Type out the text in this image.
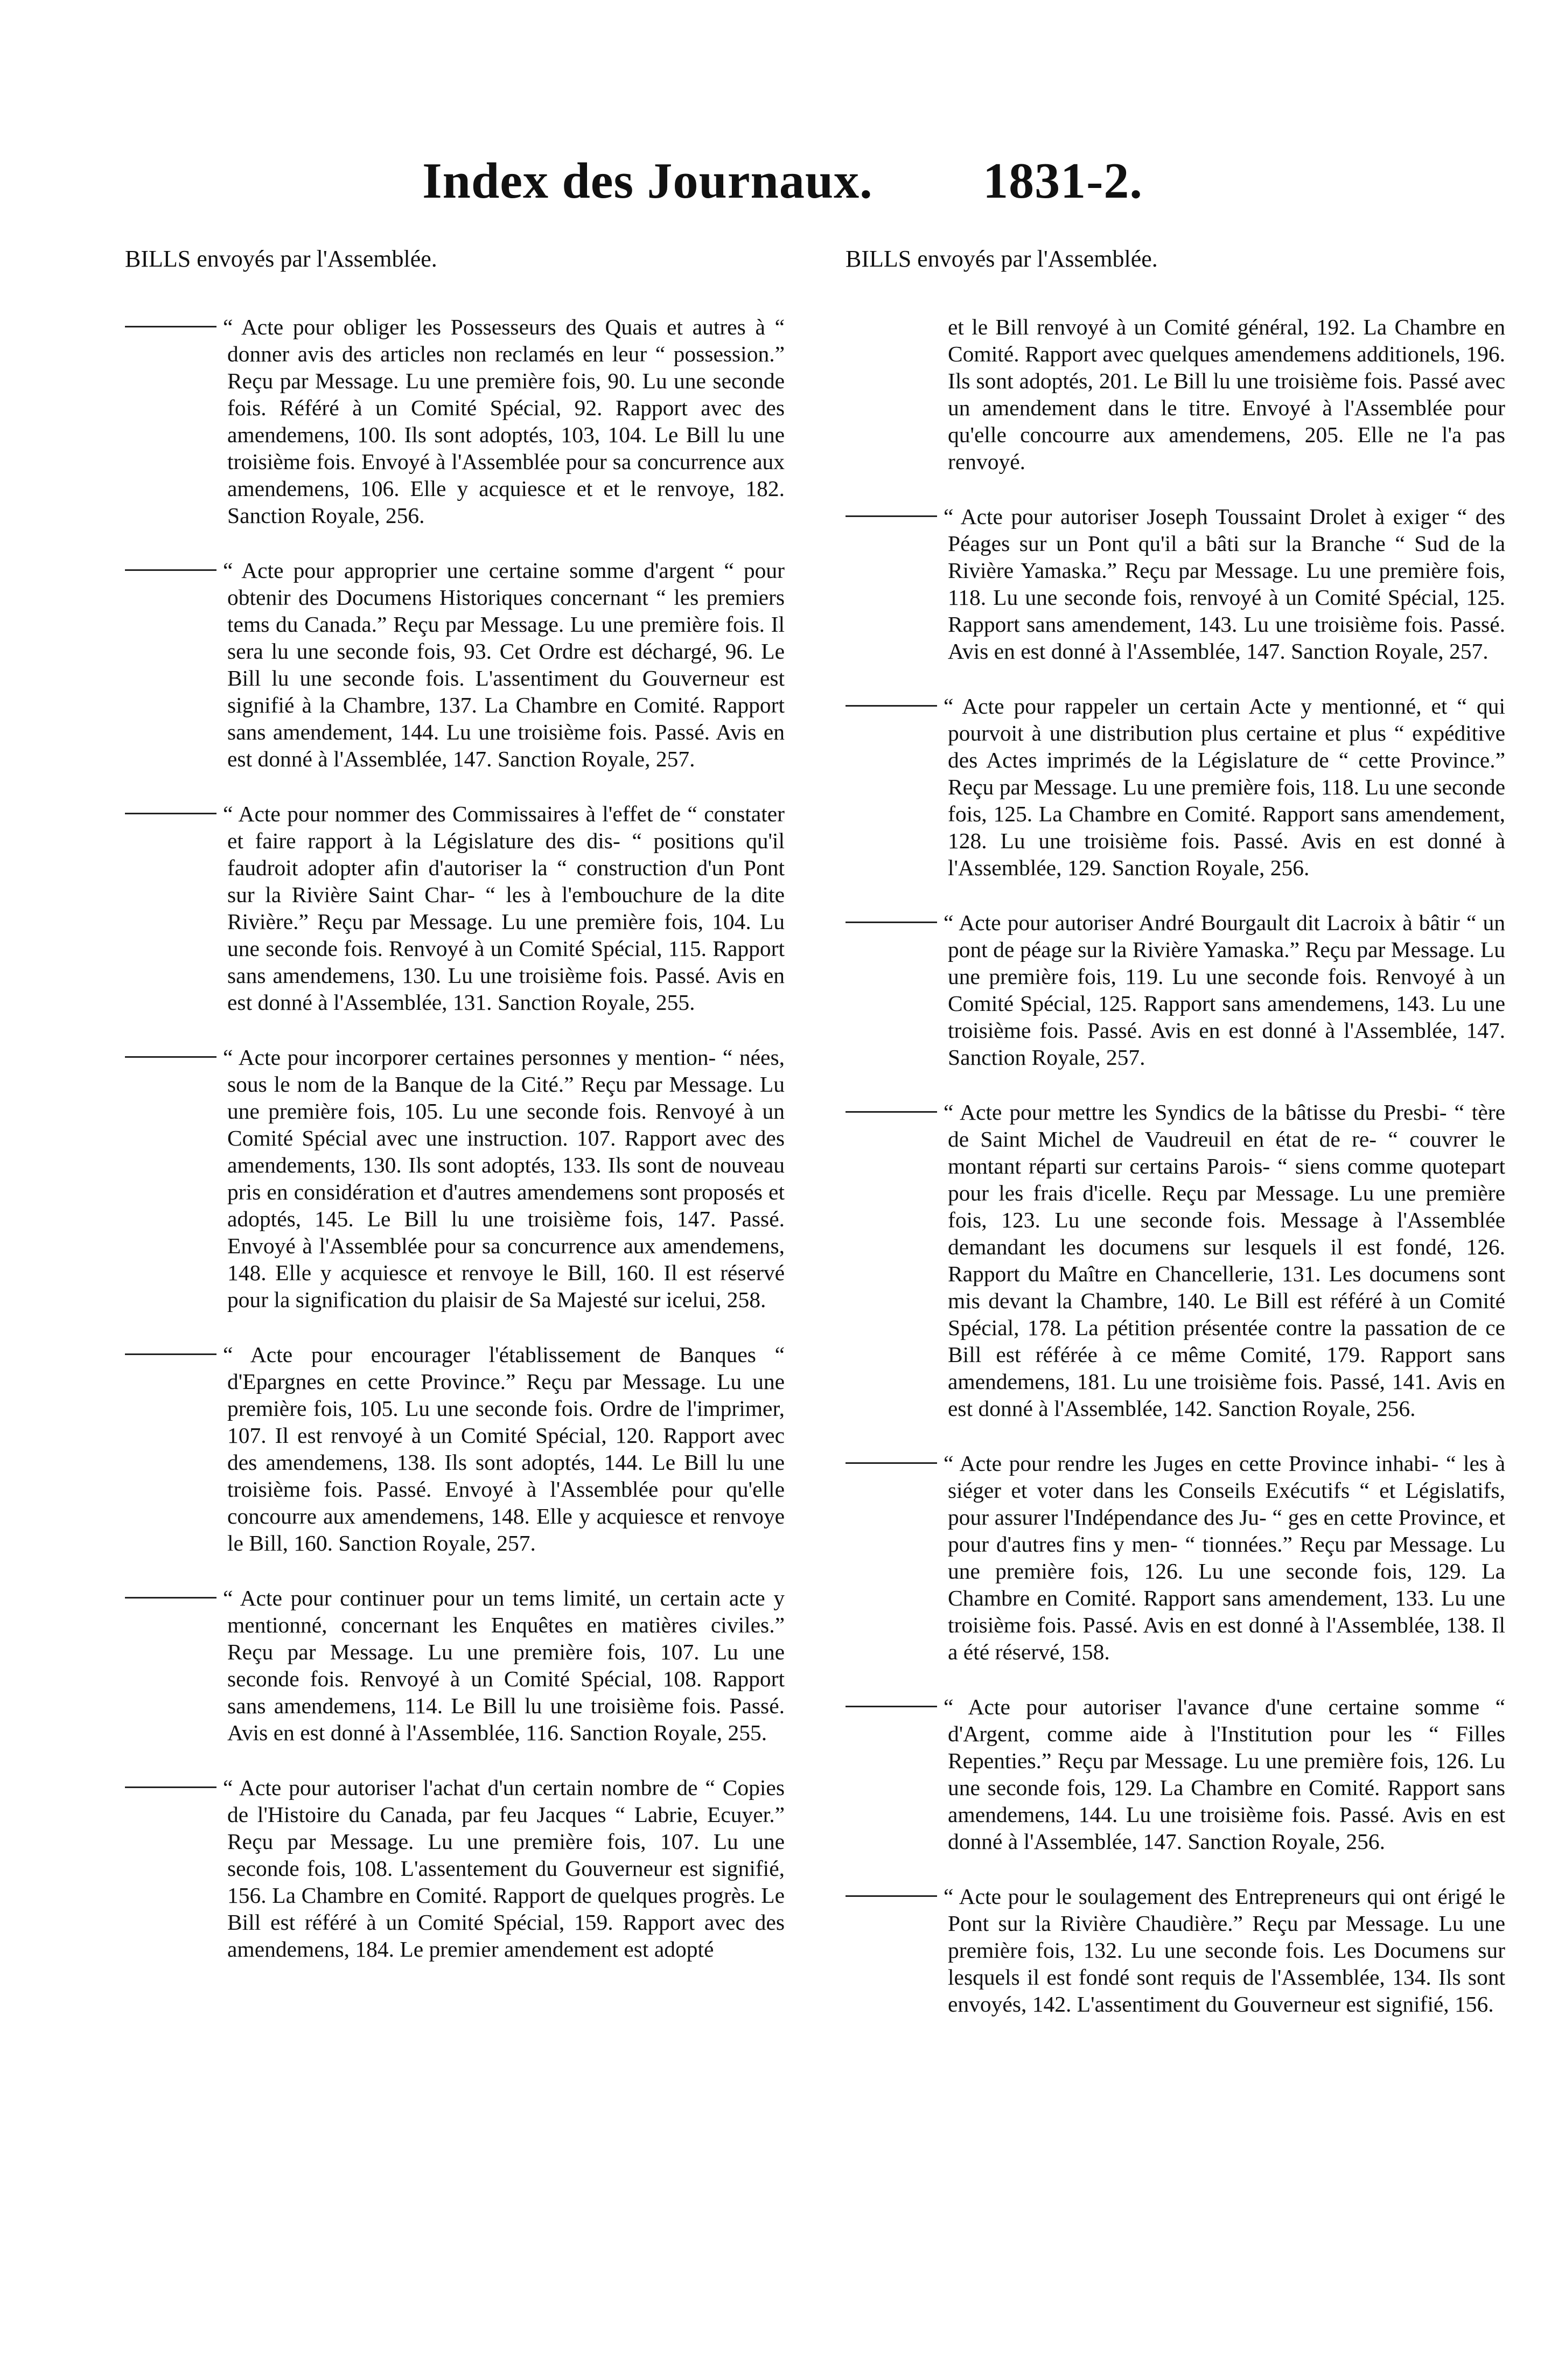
Index des Journaux. 1831-2.
BILLS envoyés par l'Assemblée.	BILLS envoyés par l'Assemblée.

“ Acte pour obliger les Possesseurs des Quais et autres à “ donner avis des articles non reclamés en leur “ possession.” Reçu par Message. Lu une première fois, 90. Lu une seconde fois. Référé à un Comité Spécial, 92. Rapport avec des amendemens, 100. Ils sont adoptés, 103, 104. Le Bill lu une troisième fois. Envoyé à l'Assemblée pour sa concurrence aux amendemens, 106. Elle y acquiesce et et le renvoye, 182. Sanction Royale, 256.

“ Acte pour approprier une certaine somme d'argent “ pour obtenir des Documens Historiques concernant “ les premiers tems du Canada.” Reçu par Message. Lu une première fois. Il sera lu une seconde fois, 93. Cet Ordre est déchargé, 96. Le Bill lu une seconde fois. L'assentiment du Gouverneur est signifié à la Chambre, 137. La Chambre en Comité. Rapport sans amendement, 144. Lu une troisième fois. Passé. Avis en est donné à l'Assemblée, 147. Sanction Royale, 257.

“ Acte pour nommer des Commissaires à l'effet de “ constater et faire rapport à la Législature des dis- “ positions qu'il faudroit adopter afin d'autoriser la “ construction d'un Pont sur la Rivière Saint Char- “ les à l'embouchure de la dite Rivière.” Reçu par Message. Lu une première fois, 104. Lu une seconde fois. Renvoyé à un Comité Spécial, 115. Rapport sans amendemens, 130. Lu une troisième fois. Passé. Avis en est donné à l'Assemblée, 131. Sanction Royale, 255.

“ Acte pour incorporer certaines personnes y mention- “ nées, sous le nom de la Banque de la Cité.” Reçu par Message. Lu une première fois, 105. Lu une seconde fois. Renvoyé à un Comité Spécial avec une instruction. 107. Rapport avec des amendements, 130. Ils sont adoptés, 133. Ils sont de nouveau pris en considération et d'autres amendemens sont proposés et adoptés, 145. Le Bill lu une troisième fois, 147. Passé. Envoyé à l'Assemblée pour sa concurrence aux amendemens, 148. Elle y acquiesce et renvoye le Bill, 160. Il est réservé pour la signification du plaisir de Sa Majesté sur icelui, 258.

“ Acte pour encourager l'établissement de Banques “ d'Epargnes en cette Province.” Reçu par Message. Lu une première fois, 105. Lu une seconde fois. Ordre de l'imprimer, 107. Il est renvoyé à un Comité Spécial, 120. Rapport avec des amendemens, 138. Ils sont adoptés, 144. Le Bill lu une troisième fois. Passé. Envoyé à l'Assemblée pour qu'elle concourre aux amendemens, 148. Elle y acquiesce et renvoye le Bill, 160. Sanction Royale, 257.

“ Acte pour continuer pour un tems limité, un certain acte y mentionné, concernant les Enquêtes en matières civiles.” Reçu par Message. Lu une première fois, 107. Lu une seconde fois. Renvoyé à un Comité Spécial, 108. Rapport sans amendemens, 114. Le Bill lu une troisième fois. Passé. Avis en est donné à l'Assemblée, 116. Sanction Royale, 255.

“ Acte pour autoriser l'achat d'un certain nombre de “ Copies de l'Histoire du Canada, par feu Jacques “ Labrie, Ecuyer.” Reçu par Message. Lu une première fois, 107. Lu une seconde fois, 108. L'assentement du Gouverneur est signifié, 156. La Chambre en Comité. Rapport de quelques progrès. Le Bill est référé à un Comité Spécial, 159. Rapport avec des amendemens, 184. Le premier amendement est adopté

et le Bill renvoyé à un Comité général, 192. La Chambre en Comité. Rapport avec quelques amendemens additionels, 196. Ils sont adoptés, 201. Le Bill lu une troisième fois. Passé avec un amendement dans le titre. Envoyé à l'Assemblée pour qu'elle concourre aux amendemens, 205. Elle ne l'a pas renvoyé.

“ Acte pour autoriser Joseph Toussaint Drolet à exiger “ des Péages sur un Pont qu'il a bâti sur la Branche “ Sud de la Rivière Yamaska.” Reçu par Message. Lu une première fois, 118. Lu une seconde fois, renvoyé à un Comité Spécial, 125. Rapport sans amendement, 143. Lu une troisième fois. Passé. Avis en est donné à l'Assemblée, 147. Sanction Royale, 257.

“ Acte pour rappeler un certain Acte y mentionné, et “ qui pourvoit à une distribution plus certaine et plus “ expéditive des Actes imprimés de la Législature de “ cette Province.” Reçu par Message. Lu une première fois, 118. Lu une seconde fois, 125. La Chambre en Comité. Rapport sans amendement, 128. Lu une troisième fois. Passé. Avis en est donné à l'Assemblée, 129. Sanction Royale, 256.

“ Acte pour autoriser André Bourgault dit Lacroix à bâtir “ un pont de péage sur la Rivière Yamaska.” Reçu par Message. Lu une première fois, 119. Lu une seconde fois. Renvoyé à un Comité Spécial, 125. Rapport sans amendemens, 143. Lu une troisième fois. Passé. Avis en est donné à l'Assemblée, 147. Sanction Royale, 257.

“ Acte pour mettre les Syndics de la bâtisse du Presbi- “ tère de Saint Michel de Vaudreuil en état de re- “ couvrer le montant réparti sur certains Parois- “ siens comme quotepart pour les frais d'icelle. Reçu par Message. Lu une première fois, 123. Lu une seconde fois. Message à l'Assemblée demandant les documens sur lesquels il est fondé, 126. Rapport du Maître en Chancellerie, 131. Les documens sont mis devant la Chambre, 140. Le Bill est référé à un Comité Spécial, 178. La pétition présentée contre la passation de ce Bill est référée à ce même Comité, 179. Rapport sans amendemens, 181. Lu une troisième fois. Passé, 141. Avis en est donné à l'Assemblée, 142. Sanction Royale, 256.

“ Acte pour rendre les Juges en cette Province inhabi- “ les à siéger et voter dans les Conseils Exécutifs “ et Législatifs, pour assurer l'Indépendance des Ju- “ ges en cette Province, et pour d'autres fins y men- “ tionnées.” Reçu par Message. Lu une première fois, 126. Lu une seconde fois, 129. La Chambre en Comité. Rapport sans amendement, 133. Lu une troisième fois. Passé. Avis en est donné à l'Assemblée, 138. Il a été réservé, 158.

“ Acte pour autoriser l'avance d'une certaine somme “ d'Argent, comme aide à l'Institution pour les “ Filles Repenties.” Reçu par Message. Lu une première fois, 126. Lu une seconde fois, 129. La Chambre en Comité. Rapport sans amendemens, 144. Lu une troisième fois. Passé. Avis en est donné à l'Assemblée, 147. Sanction Royale, 256.

“ Acte pour le soulagement des Entrepreneurs qui ont érigé le Pont sur la Rivière Chaudière.” Reçu par Message. Lu une première fois, 132. Lu une seconde fois. Les Documens sur lesquels il est fondé sont requis de l'Assemblée, 134. Ils sont envoyés, 142. L'assentiment du Gouverneur est signifié, 156.
